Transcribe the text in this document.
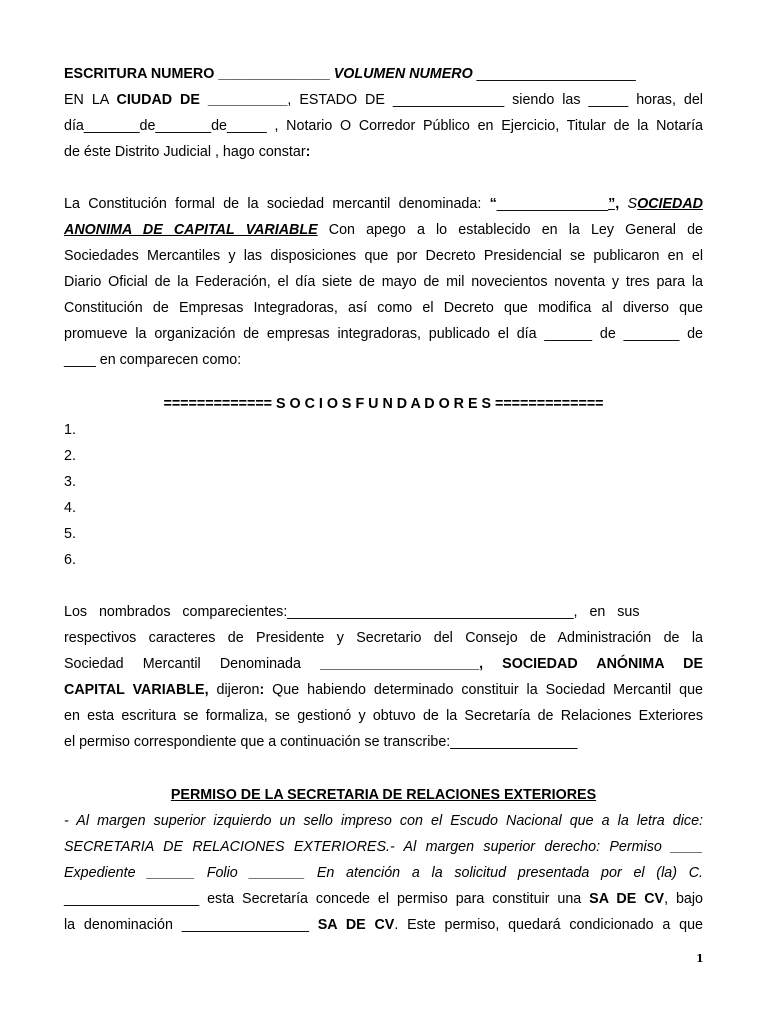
ESCRITURA NUMERO ______________ VOLUMEN NUMERO ____________________
EN LA CIUDAD DE __________, ESTADO DE ______________ siendo las _____ horas, del
día_______de_______de_____ , Notario O Corredor Público en Ejercicio, Titular de la Notaría
de éste Distrito Judicial , hago constar:
La Constitución formal de la sociedad mercantil denominada: “______________”, SOCIEDAD
ANONIMA DE CAPITAL VARIABLE Con apego a lo establecido en la Ley General de
Sociedades Mercantiles y las disposiciones que por Decreto Presidencial se publicaron en el
Diario Oficial de la Federación, el día siete de mayo de mil novecientos noventa y tres para la
Constitución de Empresas Integradoras, así como el Decreto que modifica al diverso que
promueve la organización de empresas integradoras, publicado el día ______ de _______ de
____ en comparecen como:
============= S O C I O S F U N D A D O R E S =============
1.
2.
3.
4.
5.
6.
Los   nombrados   comparecientes:____________________________________,   en   sus
respectivos caracteres de Presidente y Secretario del Consejo de Administración de la
Sociedad Mercantil Denominada ____________________, SOCIEDAD ANÓNIMA DE
CAPITAL VARIABLE, dijeron: Que habiendo determinado constituir la Sociedad Mercantil que
en esta escritura se formaliza, se gestionó y obtuvo de la Secretaría de Relaciones Exteriores
el permiso correspondiente que a continuación se transcribe:________________
PERMISO DE LA SECRETARIA DE RELACIONES EXTERIORES
- Al margen superior izquierdo un sello impreso con el Escudo Nacional que a la letra dice:
SECRETARIA DE RELACIONES EXTERIORES.- Al margen superior derecho: Permiso ____
Expediente ______ Folio _______ En atención a la solicitud presentada por el (la) C.
_________________ esta Secretaría concede el permiso para constituir una SA DE CV, bajo
la denominación ________________ SA DE CV. Este permiso, quedará condicionado a que
1
